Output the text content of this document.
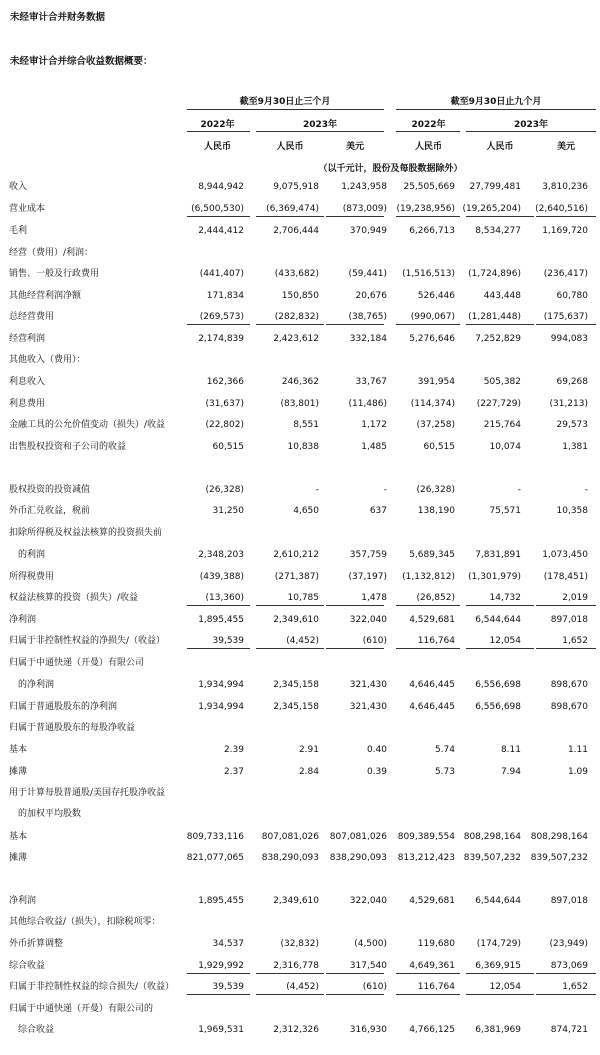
未经审计合并财务数据
未经审计合并综合收益数据概要：
截至9月30日止三个月	截至9月30日止九个月
2022年	2023年	2022年	2023年
人民币	人民币	美元	人民币	人民币	美元
（以千元计，股份及每股数据除外）
收入	8,944,942	9,075,918 1,243,958 25,505,669 27,799,481 3,810,236
营业成本	(6,500,530) (6,369,474)	(873,009) (19,238,956) (19,265,204) (2,640,516)
毛利	2,444,412	2,706,444	370,949 6,266,713 8,534,277 1,169,720
经营（费用）/利润：
销售、一般及行政费用	(441,407)	(433,682)	(59,441) (1,516,513) (1,724,896)	(236,417)
其他经营利润净额	171,834	150,850	20,676	526,446	443,448	60,780
总经营费用	(269,573)	(282,832)	(38,765)	(990,067) (1,281,448)	(175,637)
经营利润	2,174,839	2,423,612	332,184 5,276,646 7,252,829	994,083
其他收入（费用）：
利息收入	162,366	246,362	33,767	391,954	505,382	69,268
利息费用	(31,637)	(83,801)	(11,486)	(114,374) (227,729)	(31,213)
金融工具的公允价值变动（损失）/收益	(22,802)	8,551	1,172	(37,258)	215,764	29,573
出售股权投资和子公司的收益	60,515	10,838	1,485	60,515	10,074	1,381
股权投资的投资减值	(26,328)	-	-	(26,328)	-	-
外币汇兑收益，税前	31,250	4,650	637	138,190	75,571	10,358
扣除所得税及权益法核算的投资损失前
的利润	2,348,203	2,610,212	357,759 5,689,345 7,831,891 1,073,450
所得税费用	(439,388)	(271,387)	(37,197) (1,132,812) (1,301,979)	(178,451)
权益法核算的投资（损失）/收益	(13,360)	10,785	1,478	(26,852)	14,732	2,019
净利润	1,895,455	2,349,610	322,040 4,529,681 6,544,644	897,018
归属于非控制性权益的净损失/（收益）	39,539	(4,452)	(610)	116,764	12,054	1,652
归属于中通快递（开曼）有限公司
的净利润	1,934,994	2,345,158	321,430 4,646,445 6,556,698	898,670
归属于普通股股东的净利润	1,934,994	2,345,158	321,430 4,646,445 6,556,698	898,670
归属于普通股股东的每股净收益
基本	2.39	2.91	0.40	5.74	8.11	1.11
摊薄	2.37	2.84	0.39	5.73	7.94	1.09
用于计算每股普通股/美国存托股净收益
的加权平均股数
基本	809,733,116 807,081,026 807,081,026 809,389,554 808,298,164 808,298,164
摊薄	821,077,065 838,290,093 838,290,093 813,212,423 839,507,232 839,507,232
净利润	1,895,455	2,349,610	322,040 4,529,681 6,544,644	897,018
其他综合收益/（损失），扣除税项零：
外币折算调整	34,537	(32,832)	(4,500)	119,680 (174,729)	(23,949)
综合收益	1,929,992	2,316,778	317,540 4,649,361 6,369,915	873,069
归属于非控制性权益的综合损失/（收益）	39,539	(4,452)	(610)	116,764	12,054	1,652
归属于中通快递（开曼）有限公司的
综合收益	1,969,531	2,312,326	316,930 4,766,125 6,381,969	874,721
